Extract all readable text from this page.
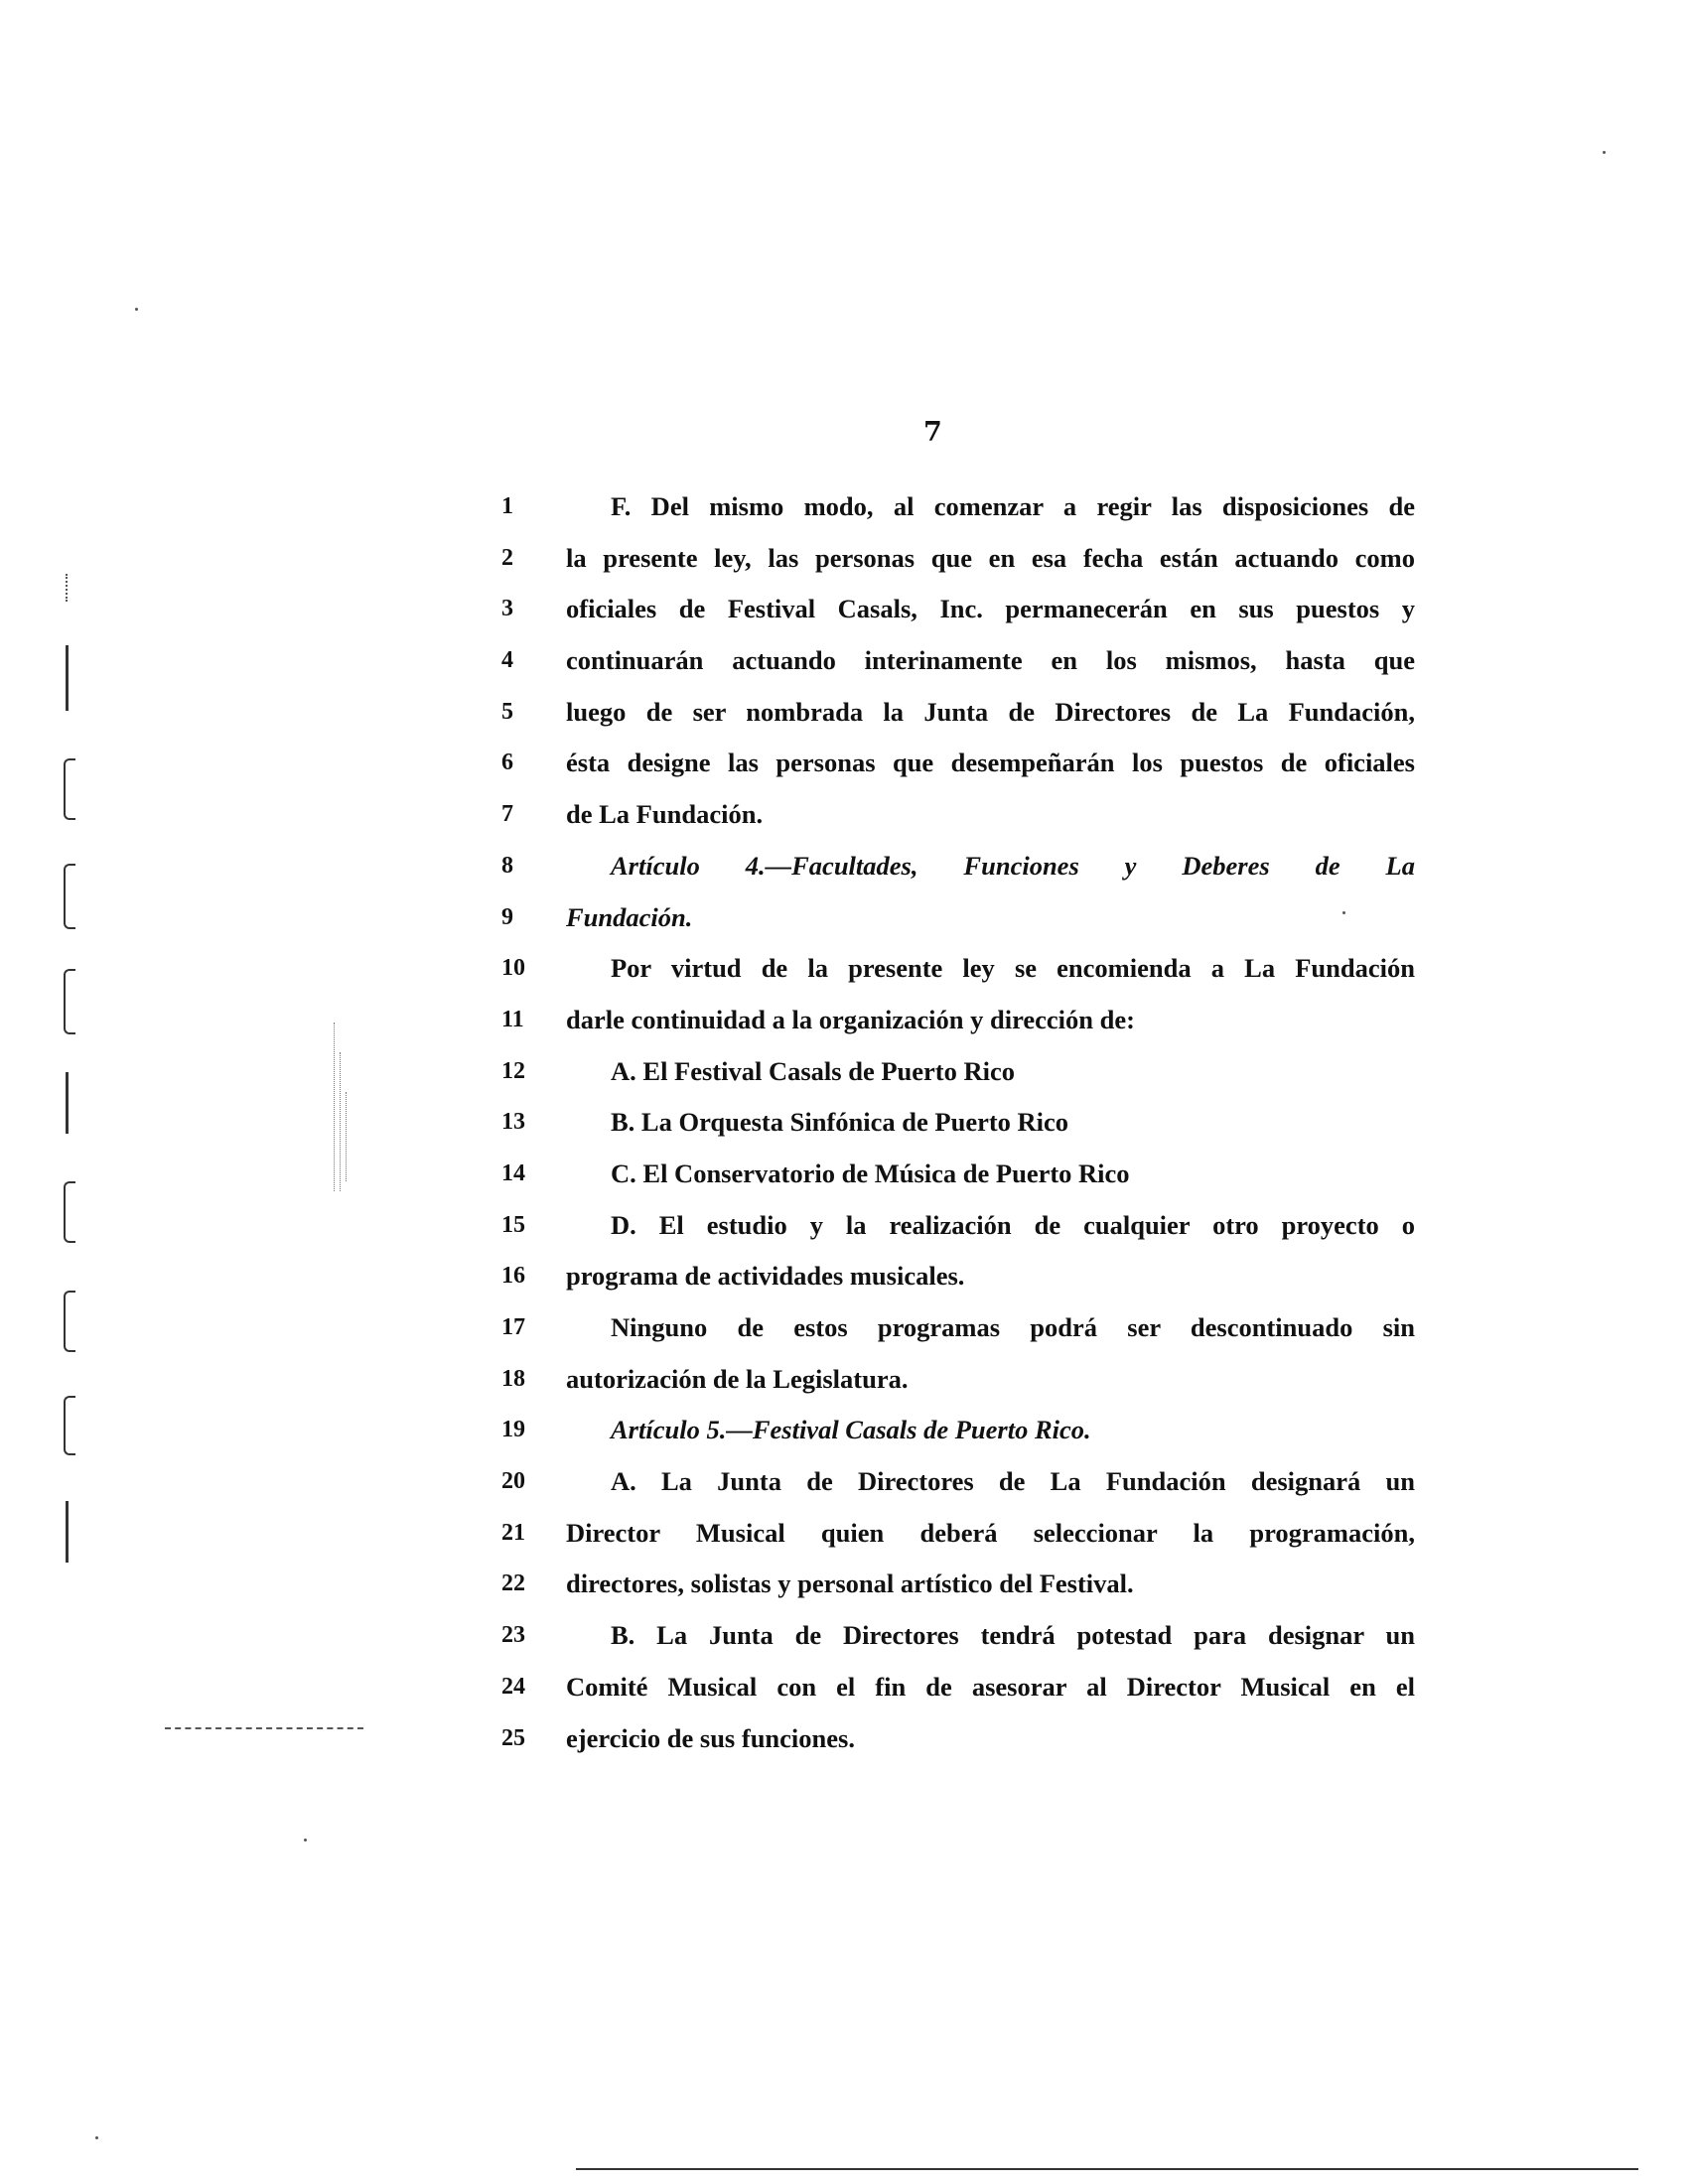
7
1	F. Del mismo modo, al comenzar a regir las disposiciones de
2	la presente ley, las personas que en esa fecha están actuando como
3	oficiales de Festival Casals, Inc. permanecerán en sus puestos y
4	continuarán actuando interinamente en los mismos, hasta que
5	luego de ser nombrada la Junta de Directores de La Fundación,
6	ésta designe las personas que desempeñarán los puestos de oficiales
7	de La Fundación.
8	Artículo 4.—Facultades, Funciones y Deberes de La
9	Fundación.
10	Por virtud de la presente ley se encomienda a La Fundación
11	darle continuidad a la organización y dirección de:
12	A. El Festival Casals de Puerto Rico
13	B. La Orquesta Sinfónica de Puerto Rico
14	C. El Conservatorio de Música de Puerto Rico
15	D. El estudio y la realización de cualquier otro proyecto o
16	programa de actividades musicales.
17	Ninguno de estos programas podrá ser descontinuado sin
18	autorización de la Legislatura.
19	Artículo 5.—Festival Casals de Puerto Rico.
20	A. La Junta de Directores de La Fundación designará un
21	Director Musical quien deberá seleccionar la programación,
22	directores, solistas y personal artístico del Festival.
23	B. La Junta de Directores tendrá potestad para designar un
24	Comité Musical con el fin de asesorar al Director Musical en el
25	ejercicio de sus funciones.
